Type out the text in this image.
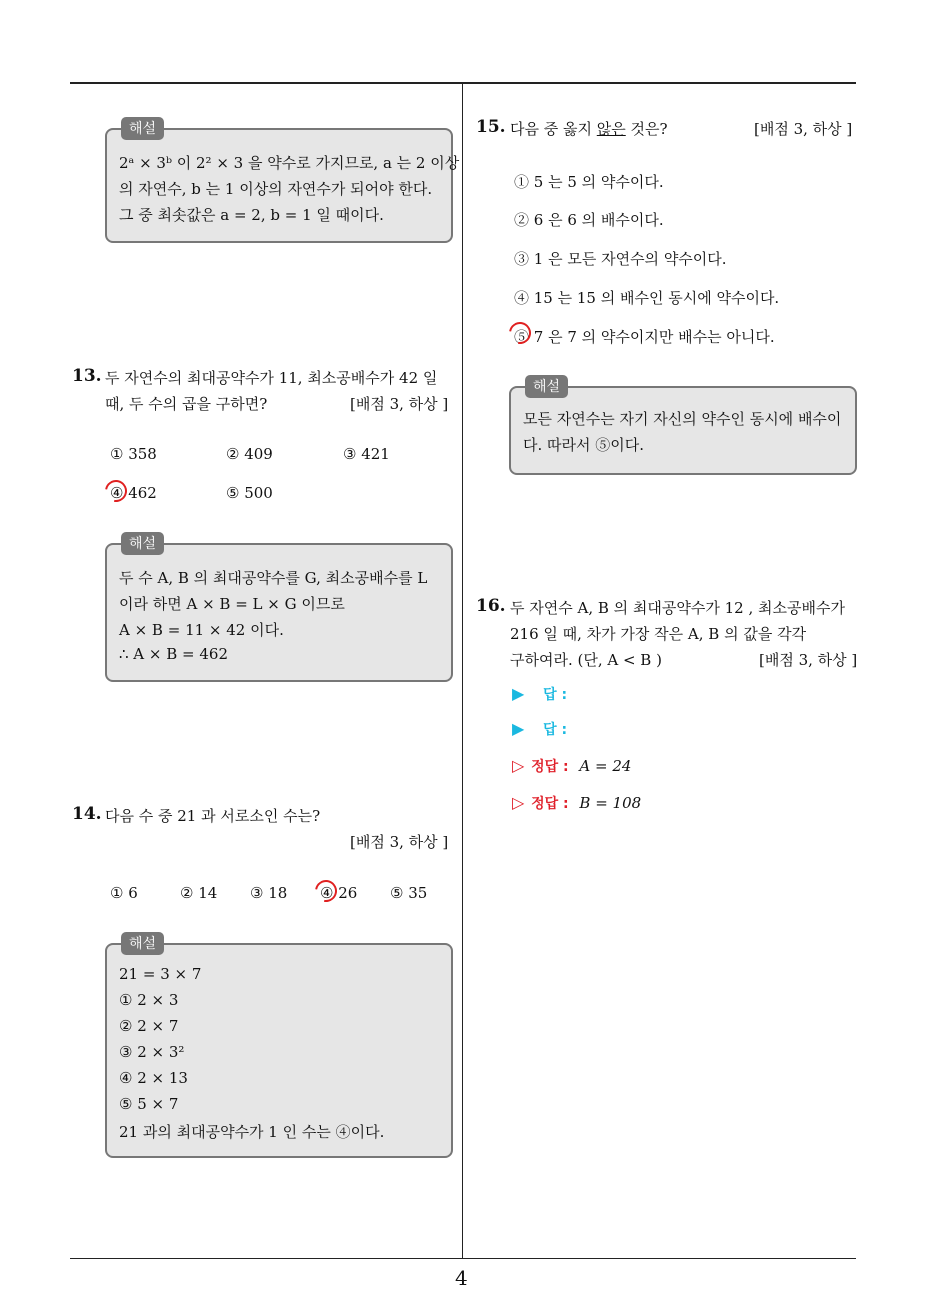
4
해설
2ᵃ × 3ᵇ 이 2² × 3 을 약수로 가지므로, a 는 2 이상
의 자연수, b 는 1 이상의 자연수가 되어야 한다.
그 중 최솟값은 a = 2, b = 1 일 때이다.
13. 두 자연수의 최대공약수가 11, 최소공배수가 42 일
때, 두 수의 곱을 구하면?	[배점 3, 하상 ]
① 358	② 409	③ 421
④ 462	⑤ 500
해설
두 수 A, B 의 최대공약수를 G, 최소공배수를 L
이라 하면 A × B = L × G 이므로
A × B = 11 × 42 이다.
∴ A × B = 462
14. 다음 수 중 21 과 서로소인 수는?
[배점 3, 하상 ]
① 6	② 14 ③ 18 ④ 26 ⑤ 35
해설
21 = 3 × 7
① 2 × 3
② 2 × 7
③ 2 × 3²
④ 2 × 13
⑤ 5 × 7
21 과의 최대공약수가 1 인 수는 ④이다.
15. 다음 중 옳지 않은 것은?	[배점 3, 하상 ]
① 5 는 5 의 약수이다.
② 6 은 6 의 배수이다.
③ 1 은 모든 자연수의 약수이다.
④ 15 는 15 의 배수인 동시에 약수이다.
⑤ 7 은 7 의 약수이지만 배수는 아니다.
해설
모든 자연수는 자기 자신의 약수인 동시에 배수이
다. 따라서 ⑤이다.
16. 두 자연수 A, B 의 최대공약수가 12 , 최소공배수가
216 일 때, 차가 가장 작은 A, B 의 값을 각각
구하여라. (단, A < B )	[배점 3, 하상 ]
▶ 답 :
▶ 답 :
▷ 정답 : A = 24
▷ 정답 : B = 108
